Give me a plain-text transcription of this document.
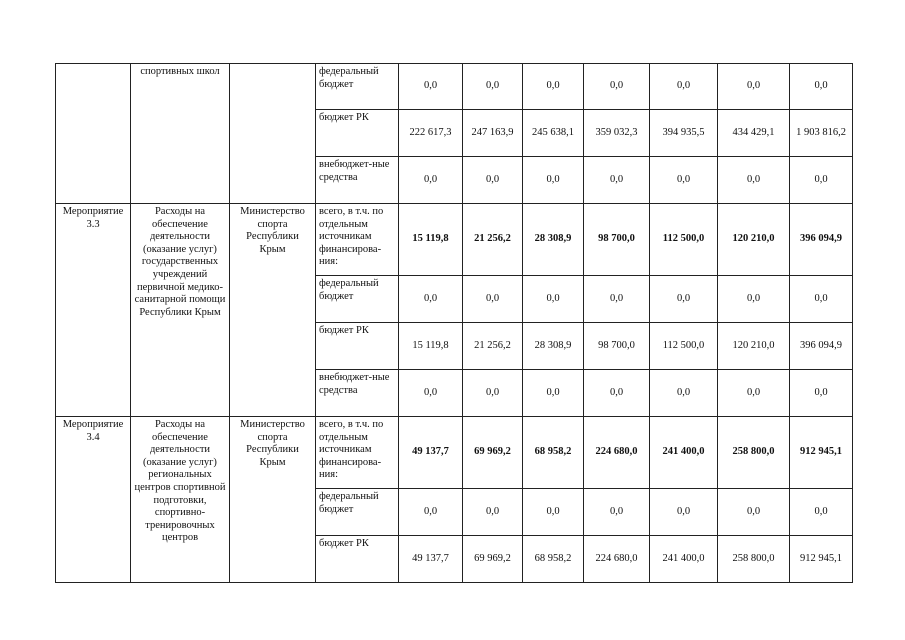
	спортивных школ		федеральный бюджет	0,0	0,0	0,0	0,0	0,0	0,0	0,0
			бюджет РК	222 617,3	247 163,9	245 638,1	359 032,3	394 935,5	434 429,1	1 903 816,2
			внебюджет-ные средства	0,0	0,0	0,0	0,0	0,0	0,0	0,0
Мероприятие 3.3	Расходы на обеспечение деятельности (оказание услуг) государственных учреждений первичной медико-санитарной помощи Республики Крым	Министерство спорта Республики Крым	всего, в т.ч. по отдельным источникам финансирова-ния:	15 119,8	21 256,2	28 308,9	98 700,0	112 500,0	120 210,0	396 094,9
			федеральный бюджет	0,0	0,0	0,0	0,0	0,0	0,0	0,0
			бюджет РК	15 119,8	21 256,2	28 308,9	98 700,0	112 500,0	120 210,0	396 094,9
			внебюджет-ные средства	0,0	0,0	0,0	0,0	0,0	0,0	0,0
Мероприятие 3.4	Расходы на обеспечение деятельности (оказание услуг) региональных центров спортивной подготовки, спортивно-тренировочных центров	Министерство спорта Республики Крым	всего, в т.ч. по отдельным источникам финансирова-ния:	49 137,7	69 969,2	68 958,2	224 680,0	241 400,0	258 800,0	912 945,1
			федеральный бюджет	0,0	0,0	0,0	0,0	0,0	0,0	0,0
			бюджет РК	49 137,7	69 969,2	68 958,2	224 680,0	241 400,0	258 800,0	912 945,1
